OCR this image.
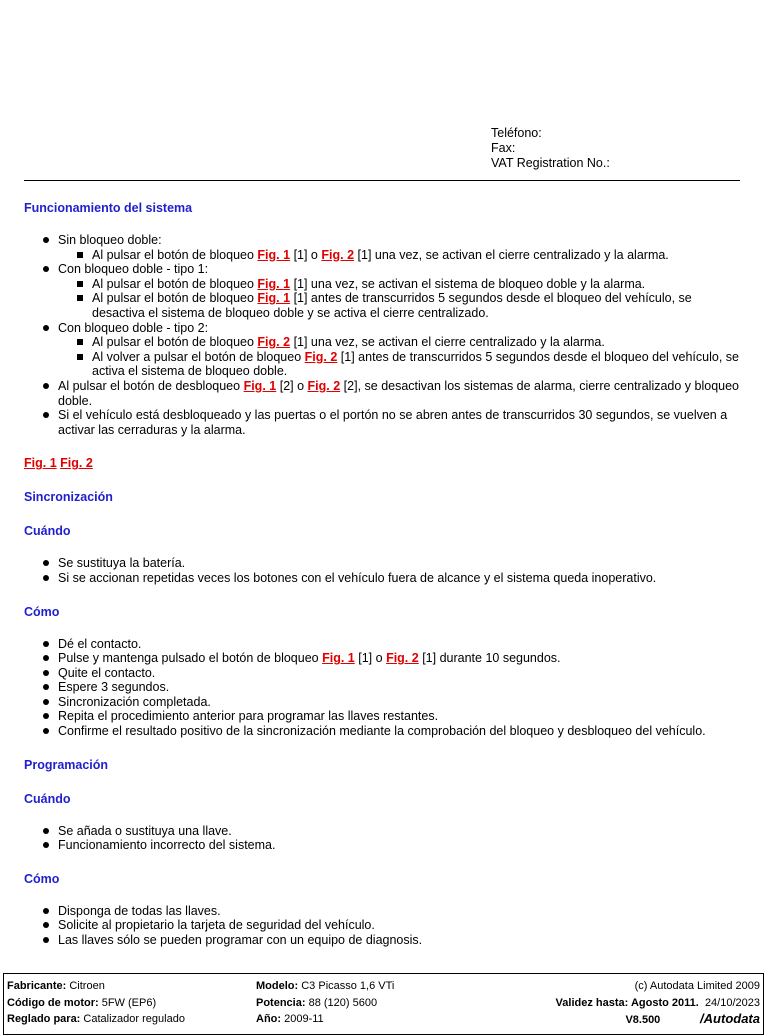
Teléfono:
Fax:
VAT Registration No.:
Funcionamiento del sistema
Sin bloqueo doble:
Al pulsar el botón de bloqueo Fig. 1 [1] o Fig. 2 [1] una vez, se activan el cierre centralizado y la alarma.
Con bloqueo doble - tipo 1:
Al pulsar el botón de bloqueo Fig. 1 [1] una vez, se activan el sistema de bloqueo doble y la alarma.
Al pulsar el botón de bloqueo Fig. 1 [1] antes de transcurridos 5 segundos desde el bloqueo del vehículo, se desactiva el sistema de bloqueo doble y se activa el cierre centralizado.
Con bloqueo doble - tipo 2:
Al pulsar el botón de bloqueo Fig. 2 [1] una vez, se activan el cierre centralizado y la alarma.
Al volver a pulsar el botón de bloqueo Fig. 2 [1] antes de transcurridos 5 segundos desde el bloqueo del vehículo, se activa el sistema de bloqueo doble.
Al pulsar el botón de desbloqueo Fig. 1 [2] o Fig. 2 [2], se desactivan los sistemas de alarma, cierre centralizado y bloqueo doble.
Si el vehículo está desbloqueado y las puertas o el portón no se abren antes de transcurridos 30 segundos, se vuelven a activar las cerraduras y la alarma.
Fig. 1 Fig. 2
Sincronización
Cuándo
Se sustituya la batería.
Si se accionan repetidas veces los botones con el vehículo fuera de alcance y el sistema queda inoperativo.
Cómo
Dé el contacto.
Pulse y mantenga pulsado el botón de bloqueo Fig. 1 [1] o Fig. 2 [1] durante 10 segundos.
Quite el contacto.
Espere 3 segundos.
Sincronización completada.
Repita el procedimiento anterior para programar las llaves restantes.
Confirme el resultado positivo de la sincronización mediante la comprobación del bloqueo y desbloqueo del vehículo.
Programación
Cuándo
Se añada o sustituya una llave.
Funcionamiento incorrecto del sistema.
Cómo
Disponga de todas las llaves.
Solicite al propietario la tarjeta de seguridad del vehículo.
Las llaves sólo se pueden programar con un equipo de diagnosis.
Fabricante: Citroen
Código de motor: 5FW (EP6)
Reglado para: Catalizador regulado
Modelo: C3 Picasso 1,6 VTi
Potencia: 88 (120) 5600
Año: 2009-11
(c) Autodata Limited 2009
Validez hasta: Agosto 2011. 24/10/2023
V8.500	/Autodata
